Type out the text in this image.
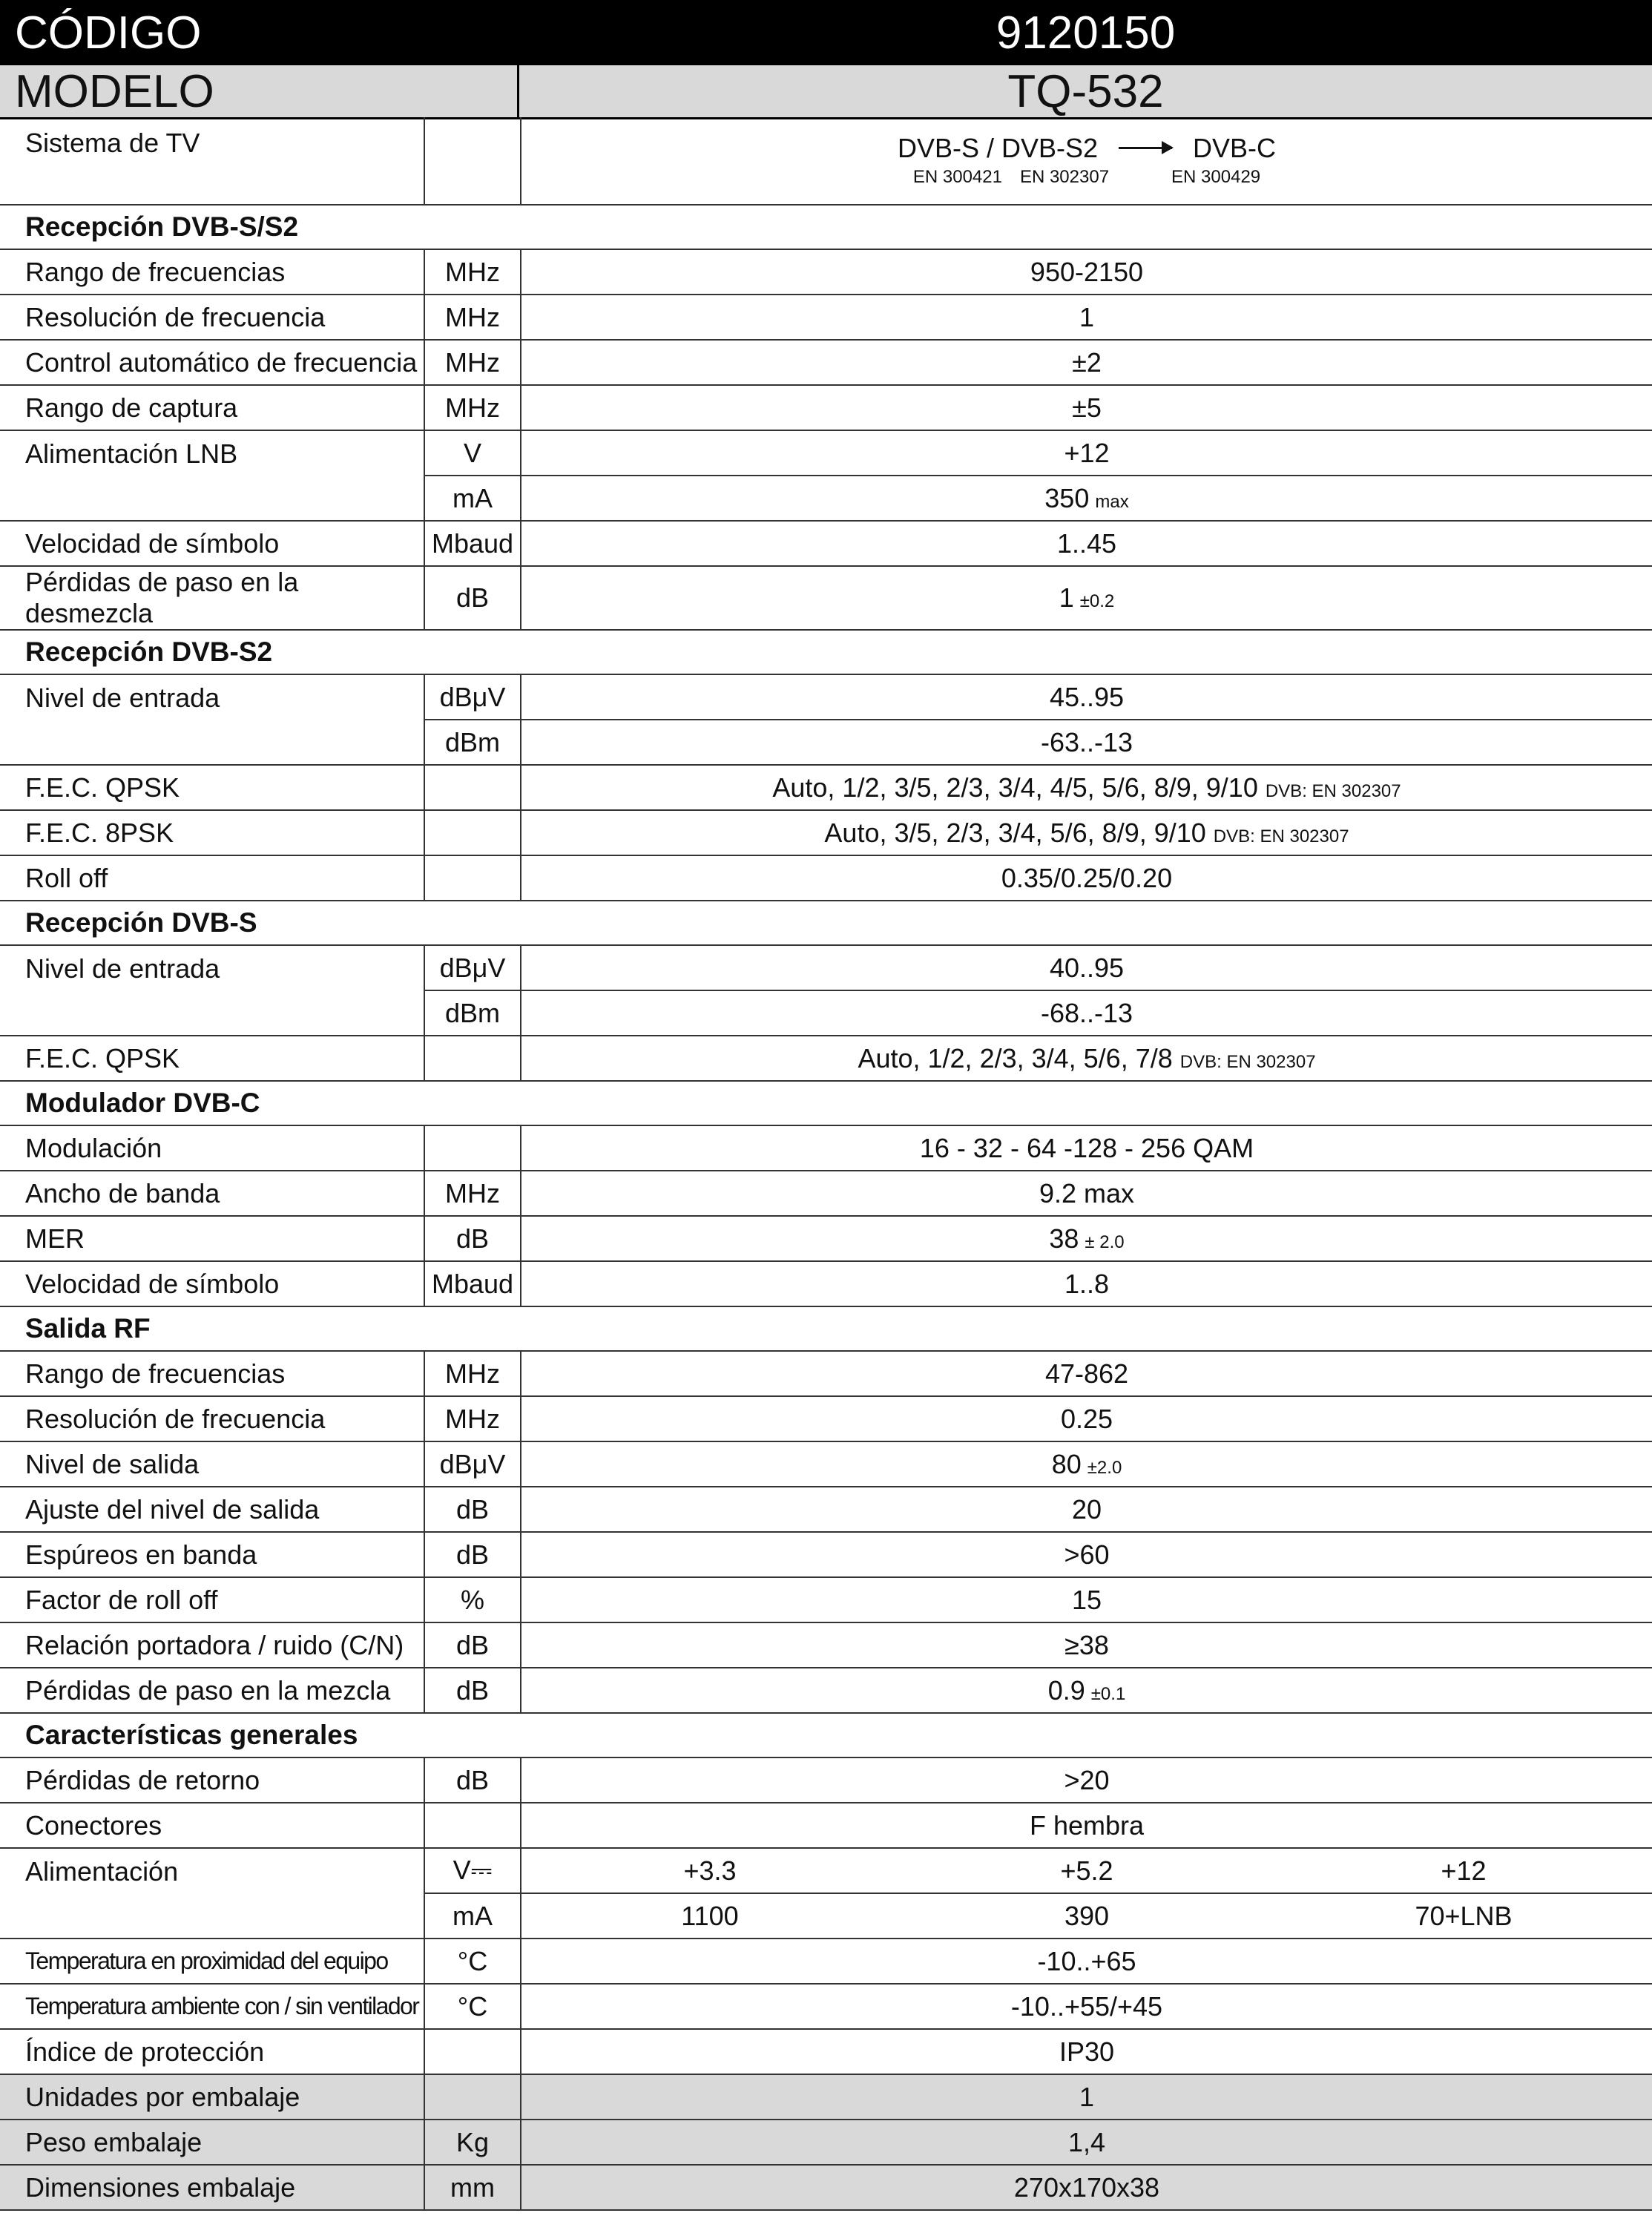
CÓDIGO	9120150
MODELO	TQ-532
Sistema de TV		DVB-S / DVB-S2 DVB-C
EN 300421 EN 302307 EN 300429

Recepción DVB-S/S2		
Rango de frecuencias	MHz	950-2150
Resolución de frecuencia	MHz	1
Control automático de frecuencia	MHz	±2
Rango de captura	MHz	±5
Alimentación LNB	V	+12
	mA	350 max
Velocidad de símbolo	Mbaud	1..45
Pérdidas de paso en la desmezcla	dB	1 ±0.2
Recepción DVB-S2		
Nivel de entrada	dBμV	45..95
	dBm	-63..-13
F.E.C. QPSK		Auto, 1/2, 3/5, 2/3, 3/4, 4/5, 5/6, 8/9, 9/10 DVB: EN 302307
F.E.C. 8PSK		Auto, 3/5, 2/3, 3/4, 5/6, 8/9, 9/10 DVB: EN 302307
Roll off		0.35/0.25/0.20
Recepción DVB-S		
Nivel de entrada	dBμV	40..95
	dBm	-68..-13
F.E.C. QPSK		Auto, 1/2, 2/3, 3/4, 5/6, 7/8 DVB: EN 302307
Modulador DVB-C		
Modulación		16 - 32 - 64 -128 - 256 QAM
Ancho de banda	MHz	9.2 max
MER	dB	38 ± 2.0
Velocidad de símbolo	Mbaud	1..8
Salida RF		
Rango de frecuencias	MHz	47-862
Resolución de frecuencia	MHz	0.25
Nivel de salida	dBμV	80 ±2.0
Ajuste del nivel de salida	dB	20
Espúreos en banda	dB	>60
Factor de roll off	%	15
Relación portadora / ruido (C/N)	dB	≥38
Pérdidas de paso en la mezcla	dB	0.9 ±0.1
Características generales		
Pérdidas de retorno	dB	>20
Conectores		F hembra
Alimentación	V⎓	+3.3 +5.2 +12

	mA	1100 390 70+LNB

Temperatura en proximidad del equipo	°C	-10..+65
Temperatura ambiente con / sin ventilador	°C	-10..+55/+45
Índice de protección		IP30
Unidades por embalaje		1
Peso embalaje	Kg	1,4
Dimensiones embalaje	mm	270x170x38
